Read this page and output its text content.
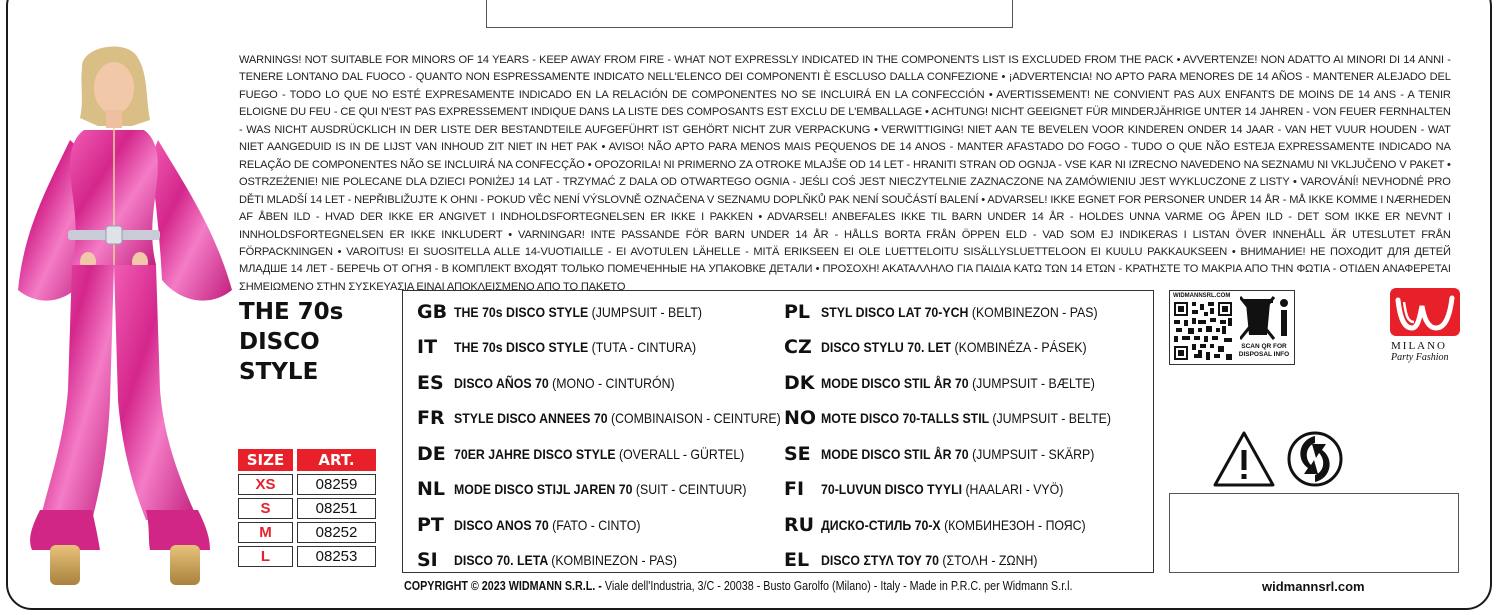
WARNINGS! NOT SUITABLE FOR MINORS OF 14 YEARS - KEEP AWAY FROM FIRE - WHAT NOT EXPRESSLY INDICATED IN THE COMPONENTS LIST IS EXCLUDED FROM THE PACK • AVVERTENZE! NON ADATTO AI MINORI DI 14 ANNI - TENERE LONTANO DAL FUOCO - QUANTO NON ESPRESSAMENTE INDICATO NELL'ELENCO DEI COMPONENTI È ESCLUSO DALLA CONFEZIONE • ¡ADVERTENCIA! NO APTO PARA MENORES DE 14 AÑOS - MANTENER ALEJADO DEL FUEGO - TODO LO QUE NO ESTÉ EXPRESAMENTE INDICADO EN LA RELACIÓN DE COMPONENTES NO SE INCLUIRÁ EN LA CONFECCIÓN • AVERTISSEMENT! NE CONVIENT PAS AUX ENFANTS DE MOINS DE 14 ANS - A TENIR ELOIGNE DU FEU - CE QUI N'EST PAS EXPRESSEMENT INDIQUE DANS LA LISTE DES COMPOSANTS EST EXCLU DE L'EMBALLAGE • ACHTUNG! NICHT GEEIGNET FÜR MINDERJÄHRIGE UNTER 14 JAHREN - VON FEUER FERNHALTEN - WAS NICHT AUSDRÜCKLICH IN DER LISTE DER BESTANDTEILE AUFGEFÜHRT IST GEHÖRT NICHT ZUR VERPACKUNG • VERWITTIGING! NIET AAN TE BEVELEN VOOR KINDEREN ONDER 14 JAAR - VAN HET VUUR HOUDEN - WAT NIET AANGEDUID IS IN DE LIJST VAN INHOUD ZIT NIET IN HET PAK • AVISO! NÃO APTO PARA MENOS MAIS PEQUENOS DE 14 ANOS - MANTER AFASTADO DO FOGO - TUDO O QUE NÃO ESTEJA EXPRESSAMENTE INDICADO NA RELAÇÃO DE COMPONENTES NÃO SE INCLUIRÁ NA CONFECÇÃO • OPOZORILA! NI PRIMERNO ZA OTROKE MLAJŠE OD 14 LET - HRANITI STRAN OD OGNJA - VSE KAR NI IZRECNO NAVEDENO NA SEZNAMU NI VKLJUČENO V PAKET • OSTRZEŻENIE! NIE POLECANE DLA DZIECI PONIŻEJ 14 LAT - TRZYMAĆ Z DALA OD OTWARTEGO OGNIA - JEŚLI COŚ JEST NIECZYTELNIE ZAZNACZONE NA ZAMÓWIENIU JEST WYKLUCZONE Z LISTY • VAROVÁNÍ! NEVHODNÉ PRO DĚTI MLADŠÍ 14 LET - NEPŘIBLIŽUJTE K OHNI - POKUD VĚC NENÍ VÝSLOVNĚ OZNAČENA V SEZNAMU DOPLŇKŮ PAK NENÍ SOUČÁSTÍ BALENÍ • ADVARSEL! IKKE EGNET FOR PERSONER UNDER 14 ÅR - MÅ IKKE KOMME I NÆRHEDEN AF ÅBEN ILD - HVAD DER IKKE ER ANGIVET I INDHOLDSFORTEGNELSEN ER IKKE I PAKKEN • ADVARSEL! ANBEFALES IKKE TIL BARN UNDER 14 ÅR - HOLDES UNNA VARME OG ÅPEN ILD - DET SOM IKKE ER NEVNT I INNHOLDSFORTEGNELSEN ER IKKE INKLUDERT • VARNINGAR! INTE PASSANDE FÖR BARN UNDER 14 ÅR - HÅLLS BORTA FRÅN ÖPPEN ELD - VAD SOM EJ INDIKERAS I LISTAN ÖVER INNEHÅLL ÄR UTESLUTET FRÅN FÖRPACKNINGEN • VAROITUS! EI SUOSITELLA ALLE 14-VUOTIAILLE - EI AVOTULEN LÄHELLE - MITÄ ERIKSEEN EI OLE LUETTELOITU SISÄLLYSLUETTELOON EI KUULU PAKKAUKSEEN • ВНИМАНИЕ! НЕ ПОХОДИТ ДЛЯ ДЕТЕЙ МЛАДШЕ 14 ЛЕТ - БЕРЕЧЬ ОТ ОГНЯ - В КОМПЛЕКТ ВХОДЯТ ТОЛЬКО ПОМЕЧЕННЫЕ НА УПАКОВКЕ ДЕТАЛИ • ΠΡΟΣΟΧΗ! ΑΚΑΤΑΛΛΗΛΟ ΓΙΑ ΠΑΙΔΙΑ ΚΑΤΩ ΤΩΝ 14 ΕΤΩΝ - ΚΡΑΤΗΣΤΕ ΤΟ ΜΑΚΡΙΑ ΑΠΟ ΤΗΝ ΦΩΤΙΑ - ΟΤΙΔΕΝ ΑΝΑΦΕΡΕΤΑΙ ΣΗΜΕΙΩΜΕΝΟ ΣΤΗΝ ΣΥΣΚΕΥΑΣΙΑ ΕΙΝΑΙ ΑΠΟΚΛΕΙΣΜΕΝΟ ΑΠΟ ΤΟ ΠΑΚΕΤΟ
THE 70s
DISCO
STYLE
SIZE	ART.
XS	08259
S	08251
M	08252
L	08253
GB THE 70s DISCO STYLE (JUMPSUIT - BELT)
IT	THE 70s DISCO STYLE (TUTA - CINTURA)
ES DISCO AÑOS 70 (MONO - CINTURÓN)
FR STYLE DISCO ANNEES 70 (COMBINAISON - CEINTURE)
DE 70ER JAHRE DISCO STYLE (OVERALL - GÜRTEL)
NL MODE DISCO STIJL JAREN 70 (SUIT - CEINTUUR)
PT DISCO ANOS 70 (FATO - CINTO)
SI	DISCO 70. LETA (KOMBINEZON - PAS)
PL STYL DISCO LAT 70-YCH (KOMBINEZON - PAS)
CZ DISCO STYLU 70. LET (KOMBINÉZA - PÁSEK)
DK MODE DISCO STIL ÅR 70 (JUMPSUIT - BÆLTE)
NO MOTE DISCO 70-TALLS STIL (JUMPSUIT - BELTE)
SE MODE DISCO STIL ÅR 70 (JUMPSUIT - SKÄRP)
FI	70-LUVUN DISCO TYYLI (HAALARI - VYÖ)
RU ДИСКО-СТИЛЬ 70-Х (КОМБИНЕЗОН - ПОЯС)
EL DISCO ΣΤΥΛ ΤΟΥ 70 (ΣΤΟΛΗ - ΖΩΝΗ)
COPYRIGHT © 2023 WIDMANN S.R.L. - Viale dell'Industria, 3/C - 20038 - Busto Garolfo (Milano) - Italy - Made in P.R.C. per Widmann S.r.l.	widmannsrl.com
WIDMANNSRL.COM
SCAN QR FOR DISPOSAL INFO
MILANO
Party Fashion
